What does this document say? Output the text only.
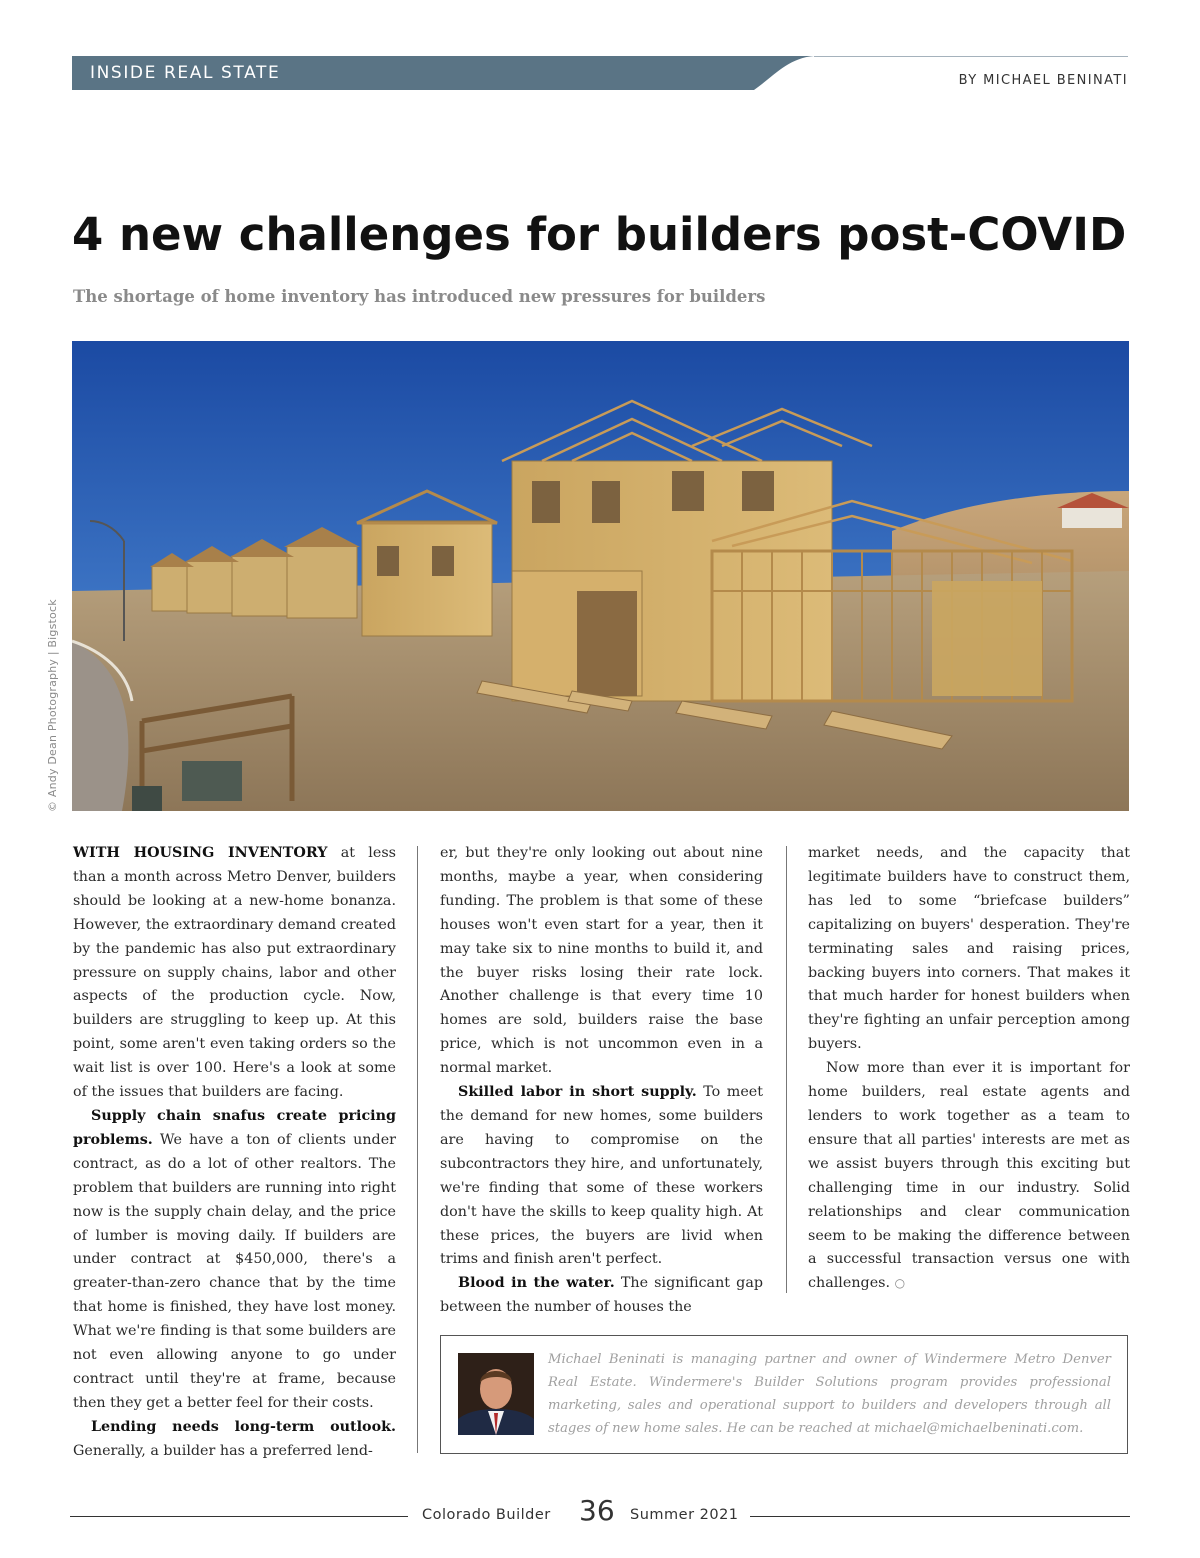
INSIDE REAL STATE	BY MICHAEL BENINATI
4 new challenges for builders post-COVID
The shortage of home inventory has introduced new pressures for builders
© Andy Dean Photography | Bigstock

WITH HOUSING INVENTORY at less than a month across Metro Denver, builders should be looking at a new-home bonanza. However, the extraordinary demand created by the pandemic has also put extraordinary pressure on supply chains, labor and other aspects of the production cycle. Now, builders are struggling to keep up. At this point, some aren't even taking orders so the wait list is over 100. Here's a look at some of the issues that builders are facing.

Supply chain snafus create pricing problems. We have a ton of clients under contract, as do a lot of other realtors. The problem that builders are running into right now is the supply chain delay, and the price of lumber is moving daily. If builders are under contract at $450,000, there's a greater-than-zero chance that by the time that home is finished, they have lost money. What we're finding is that some builders are not even allowing anyone to go under contract until they're at frame, because then they get a better feel for their costs.

Lending needs long-term outlook. Generally, a builder has a preferred lend-

er, but they're only looking out about nine months, maybe a year, when considering funding. The problem is that some of these houses won't even start for a year, then it may take six to nine months to build it, and the buyer risks losing their rate lock. Another challenge is that every time 10 homes are sold, builders raise the base price, which is not uncommon even in a normal market.

Skilled labor in short supply. To meet the demand for new homes, some builders are having to compromise on the subcontractors they hire, and unfortunately, we're finding that some of these workers don't have the skills to keep quality high. At these prices, the buyers are livid when trims and finish aren't perfect.

Blood in the water. The significant gap between the number of houses the

market needs, and the capacity that legitimate builders have to construct them, has led to some “briefcase builders” capitalizing on buyers' desperation. They're terminating sales and raising prices, backing buyers into corners. That makes it that much harder for honest builders when they're fighting an unfair perception among buyers.

Now more than ever it is important for home builders, real estate agents and lenders to work together as a team to ensure that all parties' interests are met as we assist buyers through this exciting but challenging time in our industry. Solid relationships and clear communication seem to be making the difference between a successful transaction versus one with challenges. ○

Michael Beninati is managing partner and owner of Windermere Metro Denver Real Estate. Windermere's Builder Solutions program provides professional marketing, sales and operational support to builders and developers through all stages of new home sales. He can be reached at michael@michaelbeninati.com.
Colorado Builder 36 Summer 2021
